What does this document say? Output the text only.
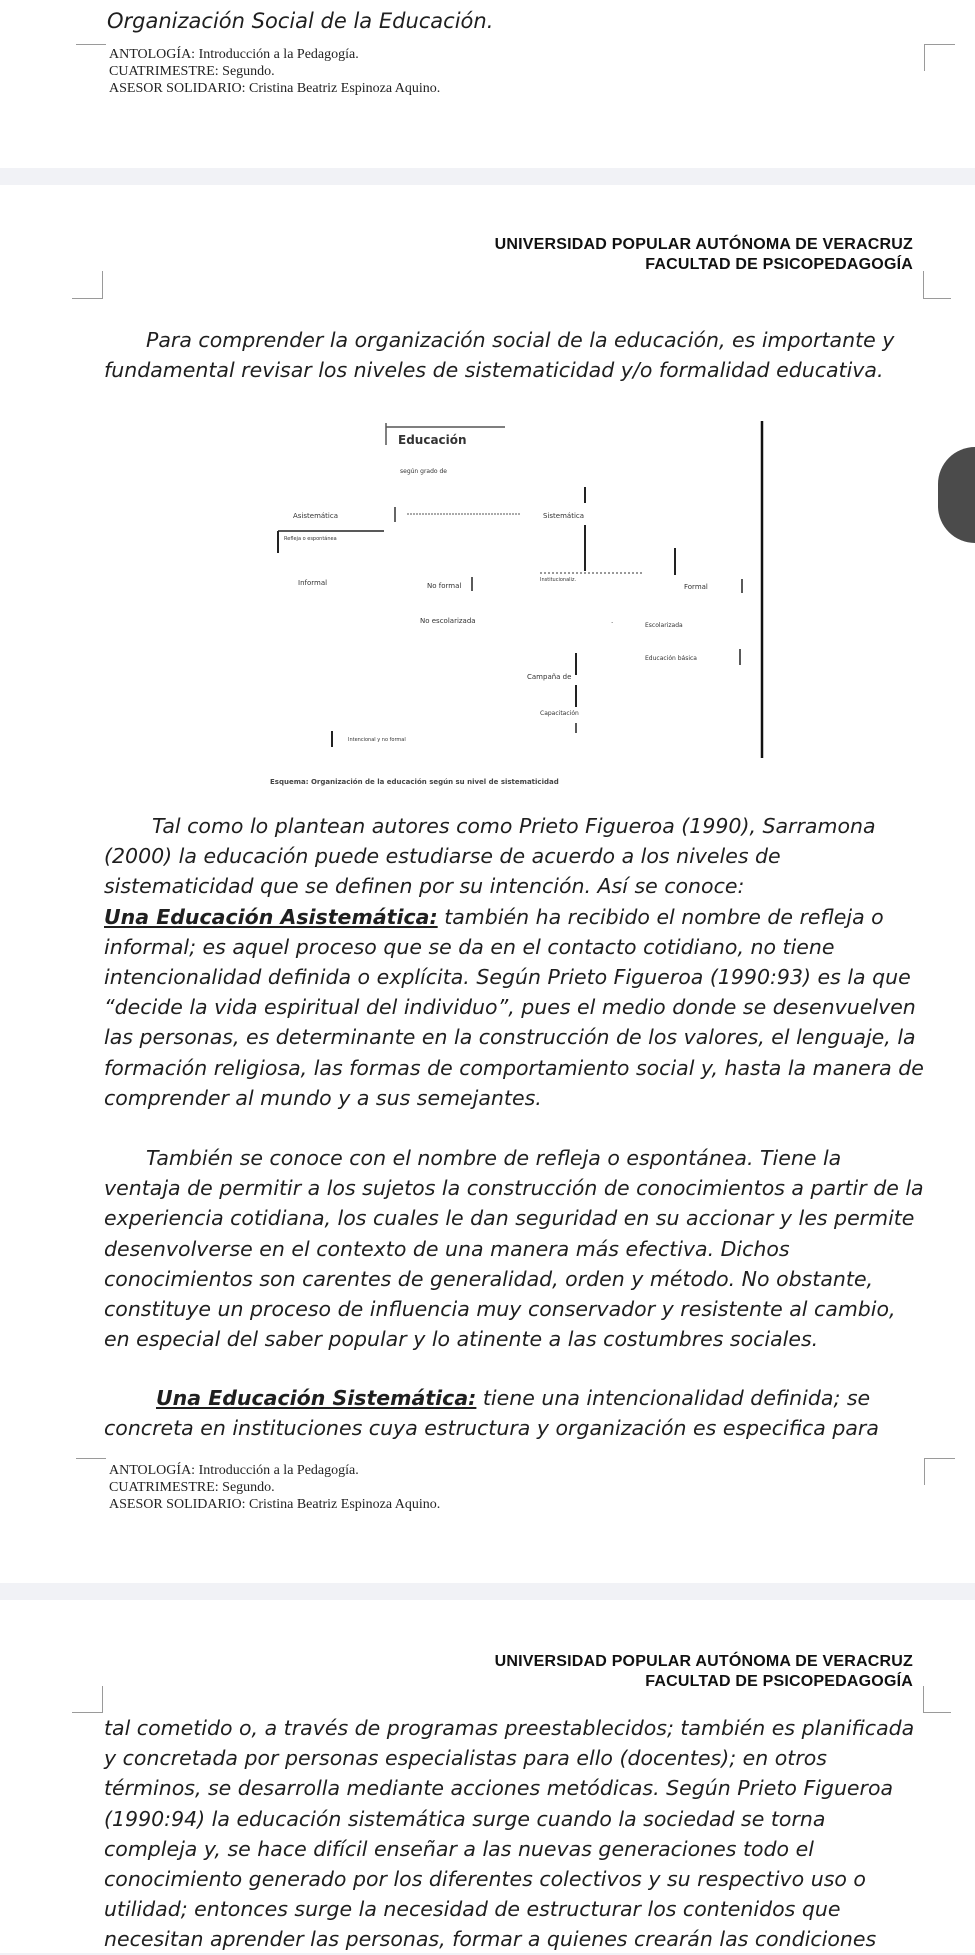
Organización Social de la Educación.
ANTOLOGÍA: Introducción a la Pedagogía.
CUATRIMESTRE: Segundo.
ASESOR SOLIDARIO: Cristina Beatriz Espinoza Aquino.
UNIVERSIDAD POPULAR AUTÓNOMA DE VERACRUZ
FACULTAD DE PSICOPEDAGOGÍA

Para comprender la organización social de la educación, es importante y fundamental revisar los niveles de sistematicidad y/o formalidad educativa.

Educación
según grado de
Asistemática
Refleja o espontánea
Informal
Sistemática
No formal
Institucionaliz.
No escolarizada	·
Campaña de
Capacitación
Formal
Escolarizada
Educación básica
Intencional y no formal
Esquema: Organización de la educación según su nivel de sistematicidad
Tal como lo plantean autores como Prieto Figueroa (1990), Sarramona (2000) la educación puede estudiarse de acuerdo a los niveles de sistematicidad que se definen por su intención. Así se conoce:
Una Educación Asistemática: también ha recibido el nombre de refleja o informal; es aquel proceso que se da en el contacto cotidiano, no tiene intencionalidad definida o explícita. Según Prieto Figueroa (1990:93) es la que “decide la vida espiritual del individuo”, pues el medio donde se desenvuelven las personas, es determinante en la construcción de los valores, el lenguaje, la formación religiosa, las formas de comportamiento social y, hasta la manera de comprender al mundo y a sus semejantes.

También se conoce con el nombre de refleja o espontánea. Tiene la ventaja de permitir a los sujetos la construcción de conocimientos a partir de la experiencia cotidiana, los cuales le dan seguridad en su accionar y les permite desenvolverse en el contexto de una manera más efectiva. Dichos conocimientos son carentes de generalidad, orden y método. No obstante, constituye un proceso de influencia muy conservador y resistente al cambio, en especial del saber popular y lo atinente a las costumbres sociales.

Una Educación Sistemática: tiene una intencionalidad definida; se concreta en instituciones cuya estructura y organización es especifica para
ANTOLOGÍA: Introducción a la Pedagogía.
CUATRIMESTRE: Segundo.
ASESOR SOLIDARIO: Cristina Beatriz Espinoza Aquino.
UNIVERSIDAD POPULAR AUTÓNOMA DE VERACRUZ
FACULTAD DE PSICOPEDAGOGÍA

tal cometido o, a través de programas preestablecidos; también es planificada y concretada por personas especialistas para ello (docentes); en otros términos, se desarrolla mediante acciones metódicas. Según Prieto Figueroa (1990:94) la educación sistemática surge cuando la sociedad se torna compleja y, se hace difícil enseñar a las nuevas generaciones todo el conocimiento generado por los diferentes colectivos y su respectivo uso o utilidad; entonces surge la necesidad de estructurar los contenidos que necesitan aprender las personas, formar a quienes crearán las condiciones
